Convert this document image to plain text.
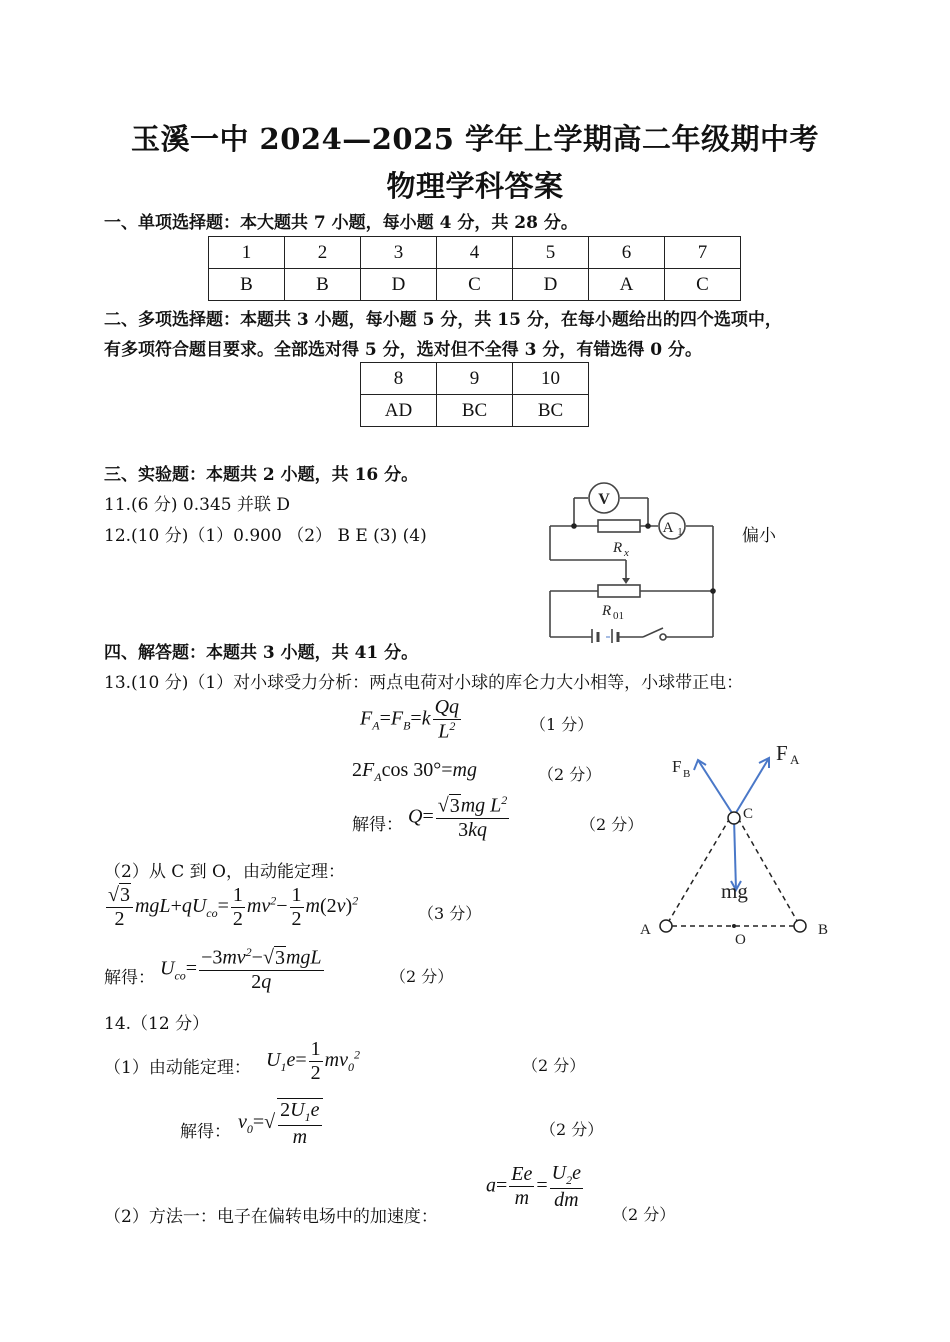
玉溪一中 2024—2025 学年上学期高二年级期中考
物理学科答案
一、单项选择题：本大题共 7 小题，每小题 4 分，共 28 分。
1	2	3	4	5	6	7
B	B	D	C	D	A	C
二、多项选择题：本题共 3 小题，每小题 5 分，共 15 分，在每小题给出的四个选项中，
有多项符合题目要求。全部选对得 5 分，选对但不全得 3 分，有错选得 0 分。
8	9	10
AD	BC	BC
三、实验题：本题共 2 小题，共 16 分。
11.(6 分) 0.345 并联 D
12.(10 分)（1）0.900 （2） B E (3) (4)	偏小
V
R x
A 1
R 01
四、解答题：本题共 3 小题，共 41 分。
13.(10 分)（1）对小球受力分析：两点电荷对小球的库仑力大小相等，小球带正电：
$F_A=F_B=k \frac{Qq}{L^2}$	（1 分）
$2F_A\cos$ 30°=mg	（2 分）
解得： $Q= \frac{√3mg L^2}{3kq}$	（2 分）
（2）从 C 到 O，由动能定理：
$\frac{√3}{2} mgL+qU_{co}= \frac{1}{2} mv^2- \frac{1}{2} m(2v)^2$
（3 分）
解得： $U_{co}= \frac{-3mv^2-√3mgL}{2q}$	（2 分）
14.（12 分）
（1）由动能定理： $U_1e= \frac{1}{2} mv_0^2$
（2 分）
解得： $v_0=√ \frac{2U_1e}{m}$	（2 分）
（2）方法一：电子在偏转电场中的加速度：
$a= \frac{Ee}{m} = \frac{U_2e}{dm}$
（2 分）
F B
F A
C
mg
A	B
O
